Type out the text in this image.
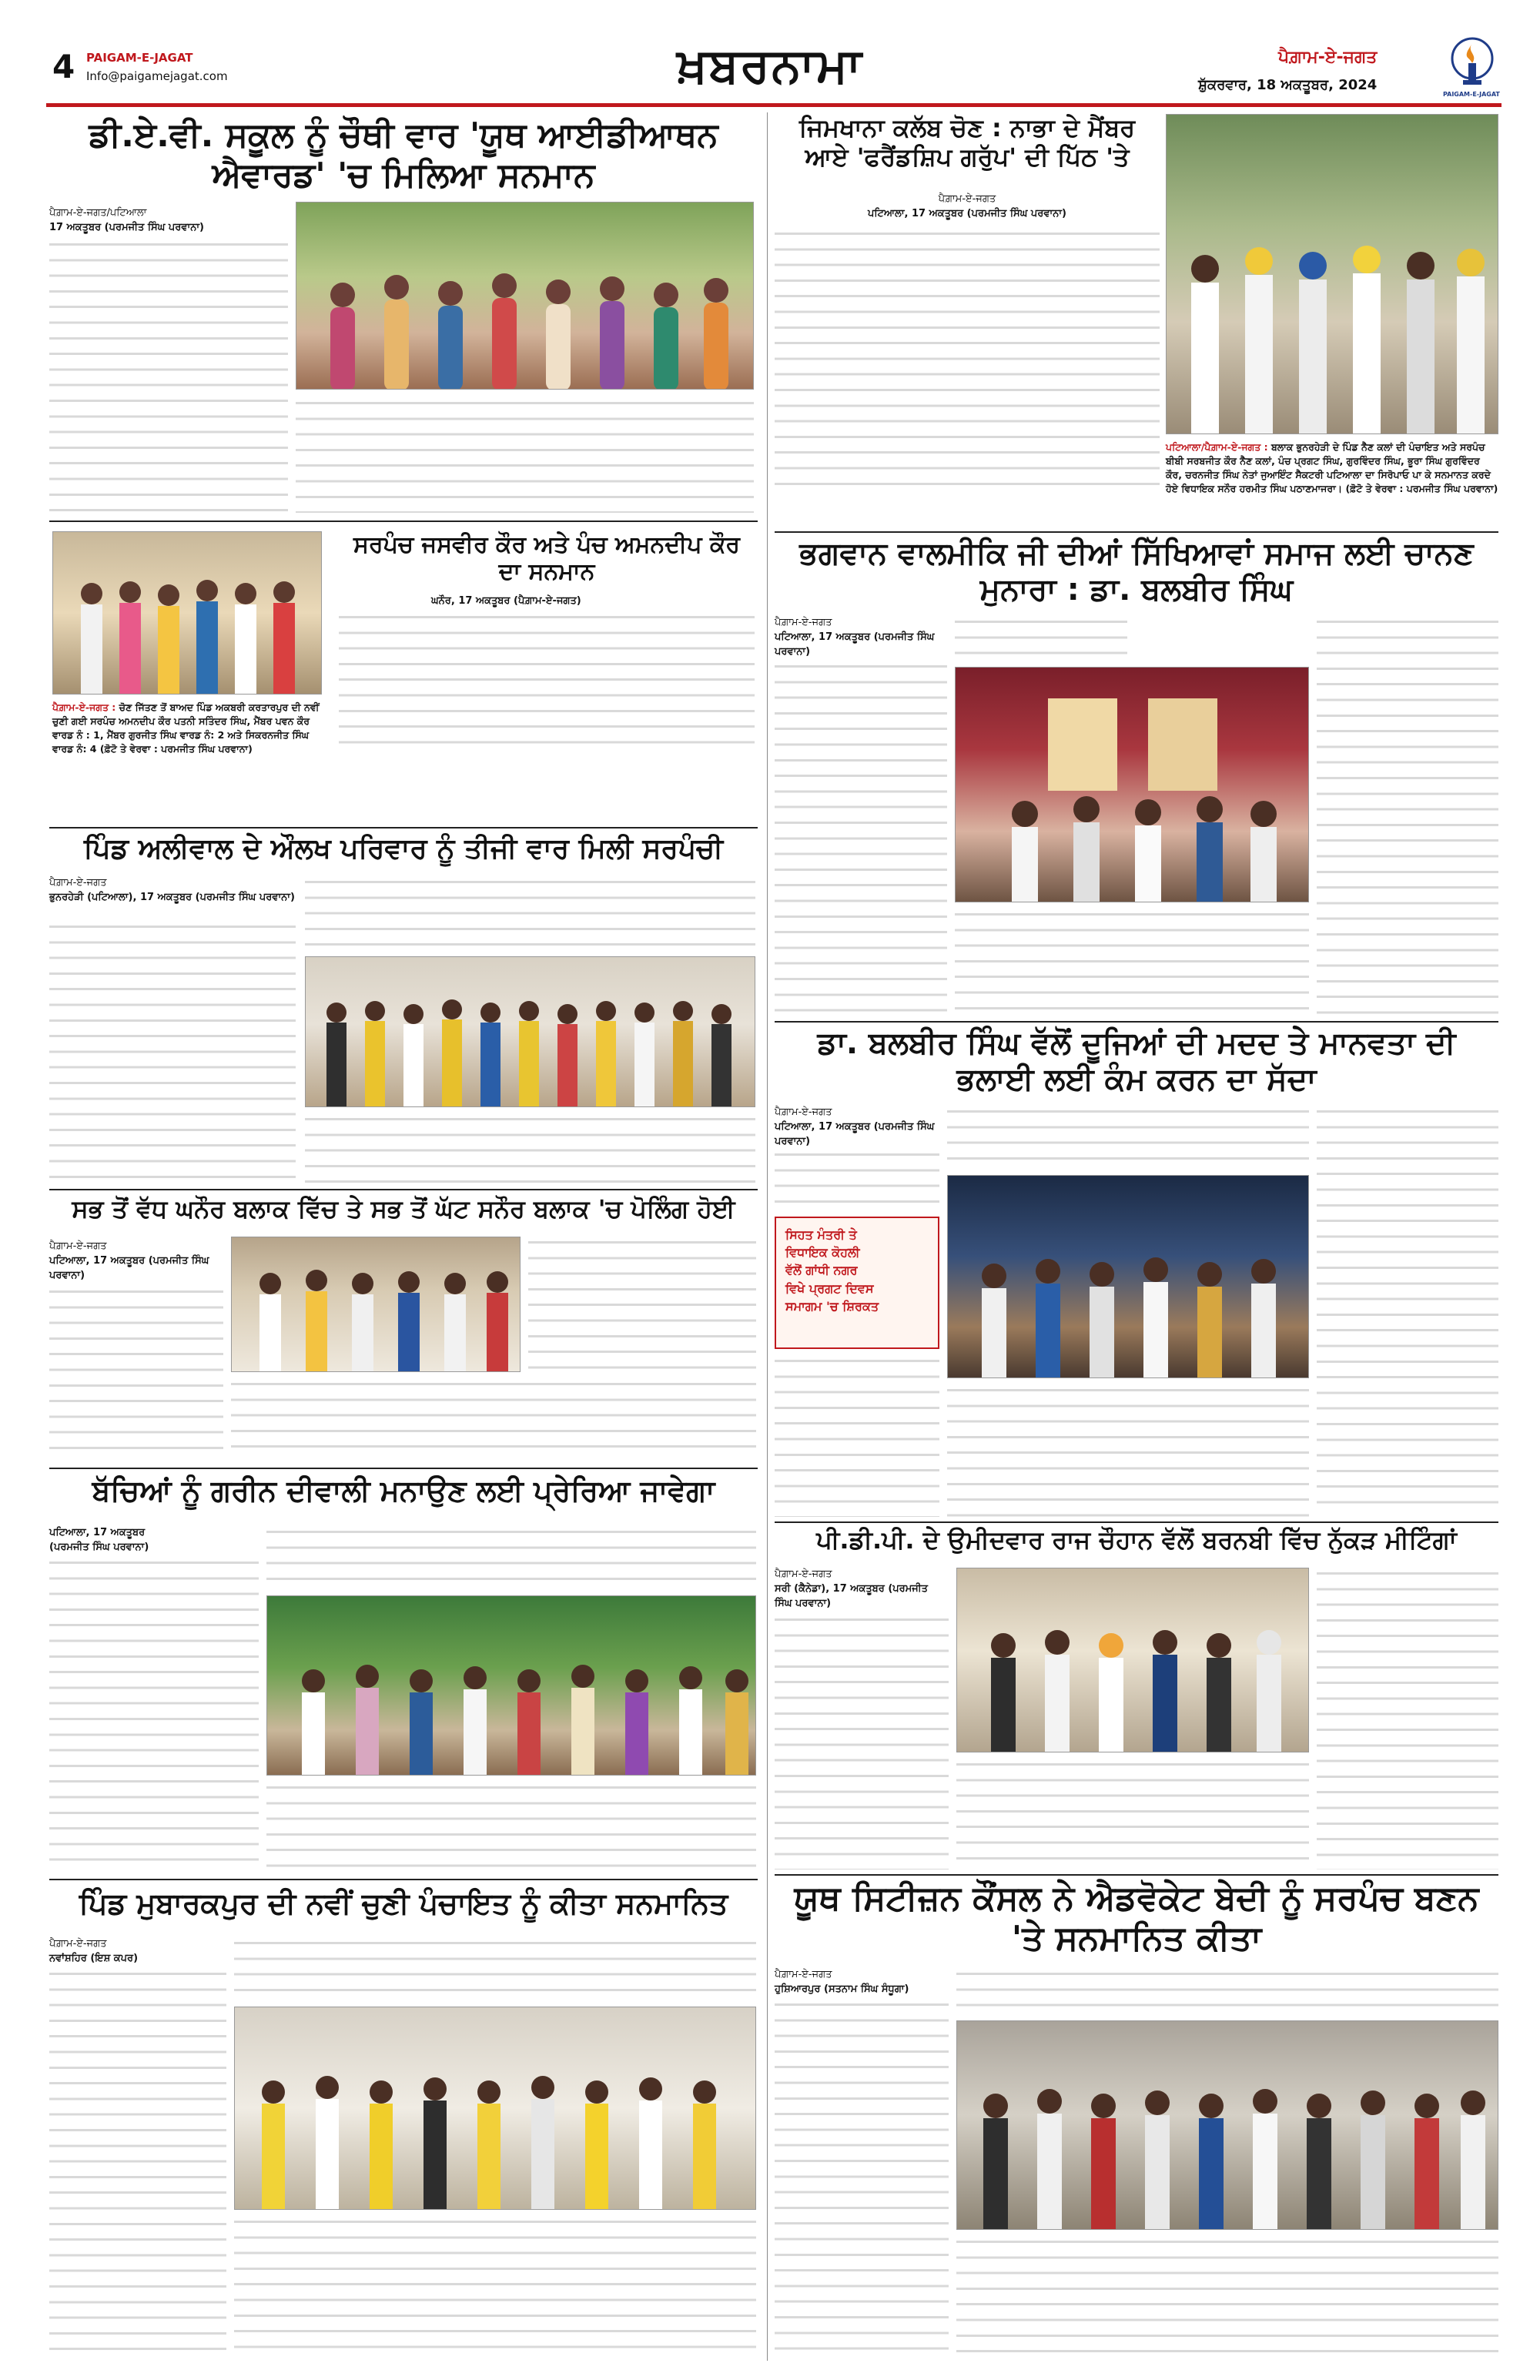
4 PAIGAM-E-JAGAT
Info@paigamejagat.com	ਖ਼ਬਰਨਾਮਾ	ਪੈਗ਼ਾਮ-ਏ-ਜਗਤ
ਸ਼ੁੱਕਰਵਾਰ, 18 ਅਕਤੂਬਰ, 2024
PAIGAM-E-JAGAT
ਡੀ.ਏ.ਵੀ. ਸਕੂਲ ਨੂੰ ਚੌਥੀ ਵਾਰ 'ਯੂਥ ਆਈਡੀਆਥਨ ਐਵਾਰਡ' 'ਚ ਮਿਲਿਆ ਸਨਮਾਨ
ਪੈਗ਼ਾਮ-ਏ-ਜਗਤ/ਪਟਿਆਲਾ
17 ਅਕਤੂਬਰ (ਪਰਮਜੀਤ ਸਿੰਘ ਪਰਵਾਨਾ)
ਪੈਗ਼ਾਮ-ਏ-ਜਗਤ : ਚੋਣ ਜਿੱਤਣ ਤੋਂ ਬਾਅਦ ਪਿੰਡ ਅਕਬਰੀ ਕਰਤਾਰਪੁਰ ਦੀ ਨਵੀਂ ਚੁਣੀ ਗਈ ਸਰਪੰਚ ਅਮਨਦੀਪ ਕੌਰ ਪਤਨੀ ਸਤਿੰਦਰ ਸਿੰਘ, ਮੈਂਬਰ ਪਵਨ ਕੌਰ ਵਾਰਡ ਨੰ : 1, ਮੈਂਬਰ ਗੁਰਜੀਤ ਸਿੰਘ ਵਾਰਡ ਨੰ: 2 ਅਤੇ ਸਿਕਰਨਜੀਤ ਸਿੰਘ ਵਾਰਡ ਨੰ: 4 (ਫ਼ੋਟੋ ਤੇ ਵੇਰਵਾ : ਪਰਮਜੀਤ ਸਿੰਘ ਪਰਵਾਨਾ)
ਸਰਪੰਚ ਜਸਵੀਰ ਕੌਰ ਅਤੇ ਪੰਚ ਅਮਨਦੀਪ ਕੌਰ ਦਾ ਸਨਮਾਨ
ਘਨੌਰ, 17 ਅਕਤੂਬਰ (ਪੈਗ਼ਾਮ-ਏ-ਜਗਤ)
ਪਿੰਡ ਅਲੀਵਾਲ ਦੇ ਔਲਖ ਪਰਿਵਾਰ ਨੂੰ ਤੀਜੀ ਵਾਰ ਮਿਲੀ ਸਰਪੰਚੀ
ਪੈਗ਼ਾਮ-ਏ-ਜਗਤ
ਭੁਨਰਹੇੜੀ (ਪਟਿਆਲਾ), 17 ਅਕਤੂਬਰ (ਪਰਮਜੀਤ ਸਿੰਘ ਪਰਵਾਨਾ)
ਸਭ ਤੋਂ ਵੱਧ ਘਨੌਰ ਬਲਾਕ ਵਿੱਚ ਤੇ ਸਭ ਤੋਂ ਘੱਟ ਸਨੌਰ ਬਲਾਕ 'ਚ ਪੋਲਿੰਗ ਹੋਈ
ਪੈਗ਼ਾਮ-ਏ-ਜਗਤ
ਪਟਿਆਲਾ, 17 ਅਕਤੂਬਰ (ਪਰਮਜੀਤ ਸਿੰਘ ਪਰਵਾਨਾ)
ਬੱਚਿਆਂ ਨੂੰ ਗਰੀਨ ਦੀਵਾਲੀ ਮਨਾਉਣ ਲਈ ਪ੍ਰੇਰਿਆ ਜਾਵੇਗਾ
ਪਟਿਆਲਾ, 17 ਅਕਤੂਬਰ
(ਪਰਮਜੀਤ ਸਿੰਘ ਪਰਵਾਨਾ)
ਪਿੰਡ ਮੁਬਾਰਕਪੁਰ ਦੀ ਨਵੀਂ ਚੁਣੀ ਪੰਚਾਇਤ ਨੂੰ ਕੀਤਾ ਸਨਮਾਨਿਤ
ਪੈਗ਼ਾਮ-ਏ-ਜਗਤ
ਨਵਾਂਸ਼ਹਿਰ (ਇਸ਼ ਕਪਰ)
ਜਿਮਖਾਨਾ ਕਲੱਬ ਚੋਣ : ਨਾਭਾ ਦੇ ਮੈਂਬਰ ਆਏ 'ਫਰੈਂਡਸ਼ਿਪ ਗਰੁੱਪ' ਦੀ ਪਿੱਠ 'ਤੇ
ਪੈਗ਼ਾਮ-ਏ-ਜਗਤ
ਪਟਿਆਲਾ, 17 ਅਕਤੂਬਰ (ਪਰਮਜੀਤ ਸਿੰਘ ਪਰਵਾਨਾ)
ਪਟਿਆਲਾ/ਪੈਗ਼ਾਮ-ਏ-ਜਗਤ : ਬਲਾਕ ਭੁਨਰਹੇੜੀ ਦੇ ਪਿੰਡ ਨੈਣ ਕਲਾਂ ਦੀ ਪੰਚਾਇਤ ਅਤੇ ਸਰਪੰਚ ਬੀਬੀ ਸਰਬਜੀਤ ਕੌਰ ਨੈਣ ਕਲਾਂ, ਪੰਚ ਪ੍ਰਗਟ ਸਿੰਘ, ਗੁਰਵਿੰਦਰ ਸਿੰਘ, ਭੂਰਾ ਸਿੰਘ ਗੁਰਵਿੰਦਰ ਕੌਰ, ਚਰਨਜੀਤ ਸਿੰਘ ਨੇਤਾਂ ਜੁਆਇੰਟ ਸੈਕਟਰੀ ਪਟਿਆਲਾ ਦਾ ਸਿਰੋਪਾਓ ਪਾ ਕੇ ਸਨਮਾਨਤ ਕਰਦੇ ਹੋਏ ਵਿਧਾਇਕ ਸਨੌਰ ਹਰਮੀਤ ਸਿੰਘ ਪਠਾਣਮਾਜਰਾ। (ਫ਼ੋਟੋ ਤੇ ਵੇਰਵਾ : ਪਰਮਜੀਤ ਸਿੰਘ ਪਰਵਾਨਾ)
ਭਗਵਾਨ ਵਾਲਮੀਕਿ ਜੀ ਦੀਆਂ ਸਿੱਖਿਆਵਾਂ ਸਮਾਜ ਲਈ ਚਾਨਣ ਮੁਨਾਰਾ : ਡਾ. ਬਲਬੀਰ ਸਿੰਘ
ਪੈਗ਼ਾਮ-ਏ-ਜਗਤ
ਪਟਿਆਲਾ, 17 ਅਕਤੂਬਰ (ਪਰਮਜੀਤ ਸਿੰਘ ਪਰਵਾਨਾ)
ਡਾ. ਬਲਬੀਰ ਸਿੰਘ ਵੱਲੋਂ ਦੂਜਿਆਂ ਦੀ ਮਦਦ ਤੇ ਮਾਨਵਤਾ ਦੀ ਭਲਾਈ ਲਈ ਕੰਮ ਕਰਨ ਦਾ ਸੱਦਾ
ਪੈਗ਼ਾਮ-ਏ-ਜਗਤ
ਪਟਿਆਲਾ, 17 ਅਕਤੂਬਰ (ਪਰਮਜੀਤ ਸਿੰਘ ਪਰਵਾਨਾ)
ਸਿਹਤ ਮੰਤਰੀ ਤੇ
ਵਿਧਾਇਕ ਕੋਹਲੀ
ਵੱਲੋਂ ਗਾਂਧੀ ਨਗਰ
ਵਿਖੇ ਪ੍ਰਗਟ ਦਿਵਸ
ਸਮਾਗਮ 'ਚ ਸ਼ਿਰਕਤ
ਪੀ.ਡੀ.ਪੀ. ਦੇ ਉਮੀਦਵਾਰ ਰਾਜ ਚੌਹਾਨ ਵੱਲੋਂ ਬਰਨਬੀ ਵਿੱਚ ਨੁੱਕੜ ਮੀਟਿੰਗਾਂ
ਪੈਗ਼ਾਮ-ਏ-ਜਗਤ
ਸਰੀ (ਕੈਨੇਡਾ), 17 ਅਕਤੂਬਰ (ਪਰਮਜੀਤ ਸਿੰਘ ਪਰਵਾਨਾ)
ਯੂਥ ਸਿਟੀਜ਼ਨ ਕੌਂਸਲ ਨੇ ਐਡਵੋਕੇਟ ਬੇਦੀ ਨੂੰ ਸਰਪੰਚ ਬਣਨ 'ਤੇ ਸਨਮਾਨਿਤ ਕੀਤਾ
ਪੈਗ਼ਾਮ-ਏ-ਜਗਤ
ਹੁਸ਼ਿਆਰਪੁਰ (ਸਤਨਾਮ ਸਿੰਘ ਸੰਧੂਗਾ)
